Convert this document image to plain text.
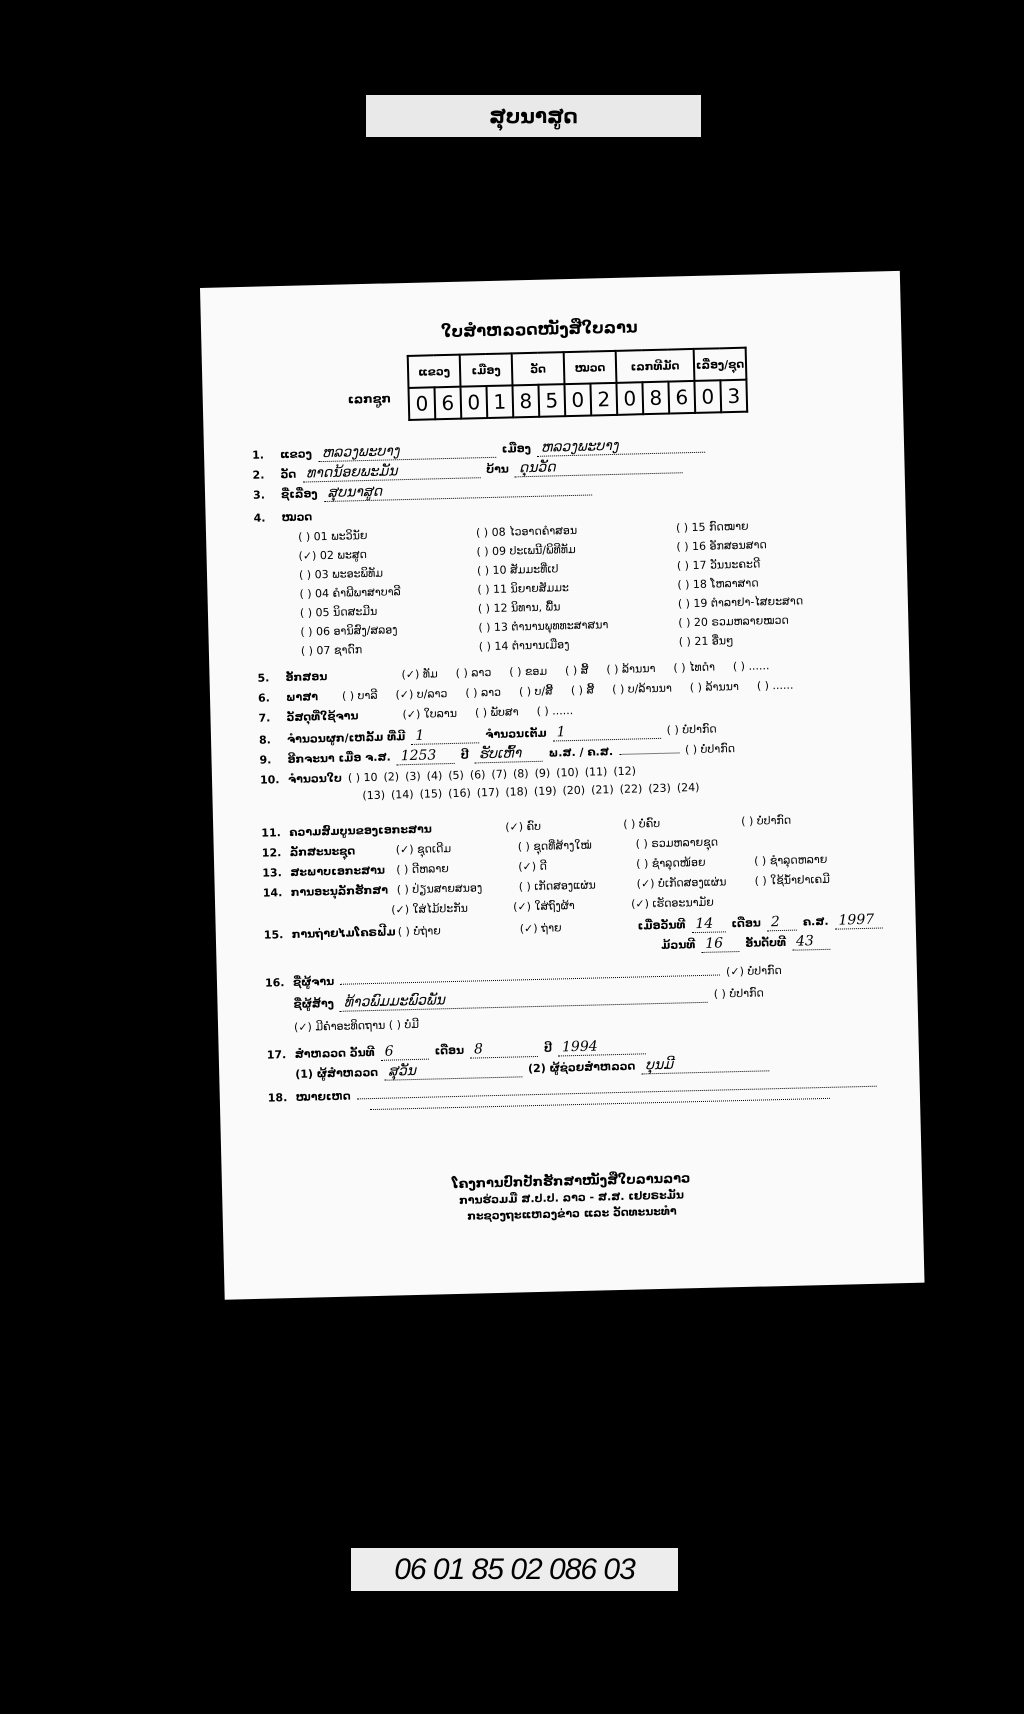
ສຸບນາສູດ
ໃບສຳຫລວດໜັງສືໃບລານ
ເລກຊູກ
ແຂວງ		ເມືອງ		ວັດ		ໝວດ		ເລກທີມັດ			ເລື່ອງ/ຊຸດ	
0	6	0	1	8	5	0	2	0	8	6	0	3
1.	ແຂວງ ຫລວງພະບາງ	ເມືອງ ຫລວງພະບາງ
2.	ວັດ ທາດນ້ອຍພະມັນ	ບ້ານ ດຸນວັດ
3.	ຊື່ເລື່ອງ ສຸບນາສູດ
4.	ໝວດ
( ) 01 ພະວິນັຍ
(✓) 02 ພະສູດ
( ) 03 ພະອະພິທັມ
( ) 04 ຄຳພີພາສາບາລີ
( ) 05 ນິດສະມີນ
( ) 06 ອານິສົງ/ສລອງ
( ) 07 ຊາດົກ
( ) 08 ໄວອາດຄຳສອນ
( ) 09 ປະເພນີ/ພິທີທັມ
( ) 10 ສັມມະທີ່ເປ
( ) 11 ນິຍາຍສັມມະ
( ) 12 ນິທານ, ພື້ນ
( ) 13 ຕຳນານພຸທທະສາສນາ
( ) 14 ຕຳນານເມືອງ
( ) 15 ກົດໝາຍ
( ) 16 ອັກສອນສາດ
( ) 17 ວັນນະຄະດີ
( ) 18 ໂຫລາສາດ
( ) 19 ຕຳລາຢາ-ໄສຍະສາດ
( ) 20 ຣວມຫລາຍໝວດ
( ) 21 ອື່ນໆ
5.	ອັກສອນ	(✓) ທັມ ( ) ລາວ ( ) ຂອມ ( ) ສີ້ ( ) ລ້ານນາ ( ) ໄທດຳ ( ) ......
6.	ພາສາ	( ) ບາລີ (✓) ບ/ລາວ ( ) ລາວ ( ) ບ/ສີ້ ( ) ສີ້ ( ) ບ/ລ້ານນາ ( ) ລ້ານນາ ( ) ......
7.	ວັສດຸທີ່ໃຊ້ຈານ	(✓) ໃບລານ ( ) ພັບສາ ( ) ......
8.	ຈຳນວນຜູກ/ເຫລັ້ມ ທີ່ມີ 1	ຈຳນວນເຕັມ 1	( ) ບໍ່ປາກົດ
9.	ອີກຈະນາ ເມື່ອ ຈ.ສ. 1253	ປີ ຮັບເຫົ້າ	ພ.ສ. / ຄ.ສ.	( ) ບໍ່ປາກົດ
10. ຈຳນວນໃບ ( ) 10 (2) (3) (4) (5) (6) (7) (8) (9) (10) (11) (12)
(13) (14) (15) (16) (17) (18) (19) (20) (21) (22) (23) (24)
11. ຄວາມສົມບູນຂອງເອກະສານ	(✓) ຄົບ	( ) ບໍ່ຄົບ	( ) ບໍ່ປາກົດ
12. ລັກສະນະຊຸດ	(✓) ຊຸດເດີມ	( ) ຊຸດທີ່ສ້າງໃໝ່	( ) ຣວມຫລາຍຊຸດ
13. ສະພາບເອກະສານ	( ) ດີຫລາຍ	(✓) ດີ	( ) ຊຳລຸດໜ້ອຍ	( ) ຊຳລຸດຫລາຍ
14. ການອະນຸລັກຮັກສາ ( ) ປ່ຽນສາຍສນອງ	( ) ເກັດສອງແຜ່ນ	(✓) ບໍ່ເກັດສອງແຜ່ນ	( ) ໃຊ້ນ້ຳຢາເຄມີ
(✓) ໃສ່ໄມ້ປະກັນ	(✓) ໃສ່ຖົງຜ້າ	(✓) ເຮັດອະນາມັຍ
15. ການຖ່າຍໄມໂຄຣຟີມ ( ) ບໍ່ຖ່າຍ	(✓) ຖ່າຍ	ເມື່ອວັນທີ 14	ເດືອນ 2	ຄ.ສ. 1997
ມ້ວນທີ 16	ອັນດັບທີ 43
16. ຊື່ຜູ້ຈານ
(✓) ບໍ່ປາກົດ
ຊື່ຜູ້ສ້າງ ທ້າວພົມມະພົວພັນ	( ) ບໍ່ປາກົດ
(✓) ມີຄຳອະທິດຖານ ( ) ບໍ່ມີ
17. ສຳຫລວດ ວັນທີ 6	ເດືອນ 8	ປີ 1994
(1) ຜູ້ສຳຫລວດ ສຸວັນ	(2) ຜູ້ຊ່ວຍສຳຫລວດ ບຸນມີ
18. ໝາຍເຫດ
ໂຄງການປົກປັກຮັກສາໜັງສືໃບລານລາວ
ການຮ່ວມມື ສ.ປ.ປ. ລາວ - ສ.ສ. ເຢຍຣະມັນ
ກະຊວງຖະແຫລງຂ່າວ ແລະ ວັດທະນະທຳ
06 01 85 02 086 03
